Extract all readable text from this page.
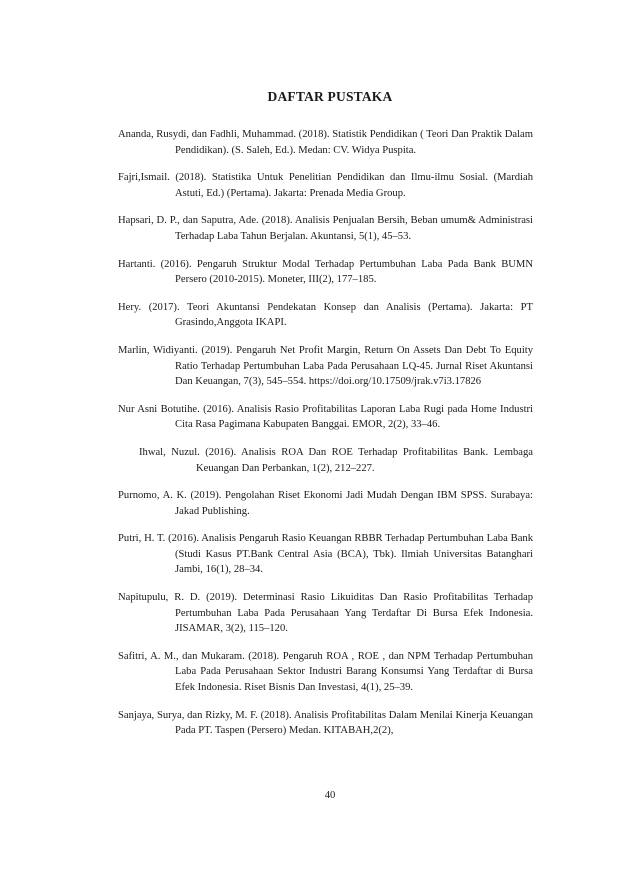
DAFTAR PUSTAKA
Ananda, Rusydi, dan Fadhli, Muhammad. (2018). Statistik Pendidikan ( Teori Dan Praktik Dalam Pendidikan). (S. Saleh, Ed.). Medan: CV. Widya Puspita.
Fajri,Ismail. (2018). Statistika Untuk Penelitian Pendidikan dan Ilmu-ilmu Sosial. (Mardiah Astuti, Ed.) (Pertama). Jakarta: Prenada Media Group.
Hapsari, D. P., dan Saputra, Ade. (2018). Analisis Penjualan Bersih, Beban umum& Administrasi Terhadap Laba Tahun Berjalan. Akuntansi, 5(1), 45–53.
Hartanti. (2016). Pengaruh Struktur Modal Terhadap Pertumbuhan Laba Pada Bank BUMN Persero (2010-2015). Moneter, III(2), 177–185.
Hery. (2017). Teori Akuntansi Pendekatan Konsep dan Analisis (Pertama). Jakarta: PT Grasindo,Anggota IKAPI.
Marlin, Widiyanti. (2019). Pengaruh Net Profit Margin, Return On Assets Dan Debt To Equity Ratio Terhadap Pertumbuhan Laba Pada Perusahaan LQ-45. Jurnal Riset Akuntansi Dan Keuangan, 7(3), 545–554. https://doi.org/10.17509/jrak.v7i3.17826
Nur Asni Botutihe. (2016). Analisis Rasio Profitabilitas Laporan Laba Rugi pada Home Industri Cita Rasa Pagimana Kabupaten Banggai. EMOR, 2(2), 33–46.
Ihwal, Nuzul. (2016). Analisis ROA Dan ROE Terhadap Profitabilitas Bank. Lembaga Keuangan Dan Perbankan, 1(2), 212–227.
Purnomo, A. K. (2019). Pengolahan Riset Ekonomi Jadi Mudah Dengan IBM SPSS. Surabaya: Jakad Publishing.
Putri, H. T. (2016). Analisis Pengaruh Rasio Keuangan RBBR Terhadap Pertumbuhan Laba Bank (Studi Kasus PT.Bank Central Asia (BCA), Tbk). Ilmiah Universitas Batanghari Jambi, 16(1), 28–34.
Napitupulu, R. D. (2019). Determinasi Rasio Likuiditas Dan Rasio Profitabilitas Terhadap Pertumbuhan Laba Pada Perusahaan Yang Terdaftar Di Bursa Efek Indonesia. JISAMAR, 3(2), 115–120.
Safitri, A. M., dan Mukaram. (2018). Pengaruh ROA , ROE , dan NPM Terhadap Pertumbuhan Laba Pada Perusahaan Sektor Industri Barang Konsumsi Yang Terdaftar di Bursa Efek Indonesia. Riset Bisnis Dan Investasi, 4(1), 25–39.
Sanjaya, Surya, dan Rizky, M. F. (2018). Analisis Profitabilitas Dalam Menilai Kinerja Keuangan Pada PT. Taspen (Persero) Medan. KITABAH,2(2),
40
